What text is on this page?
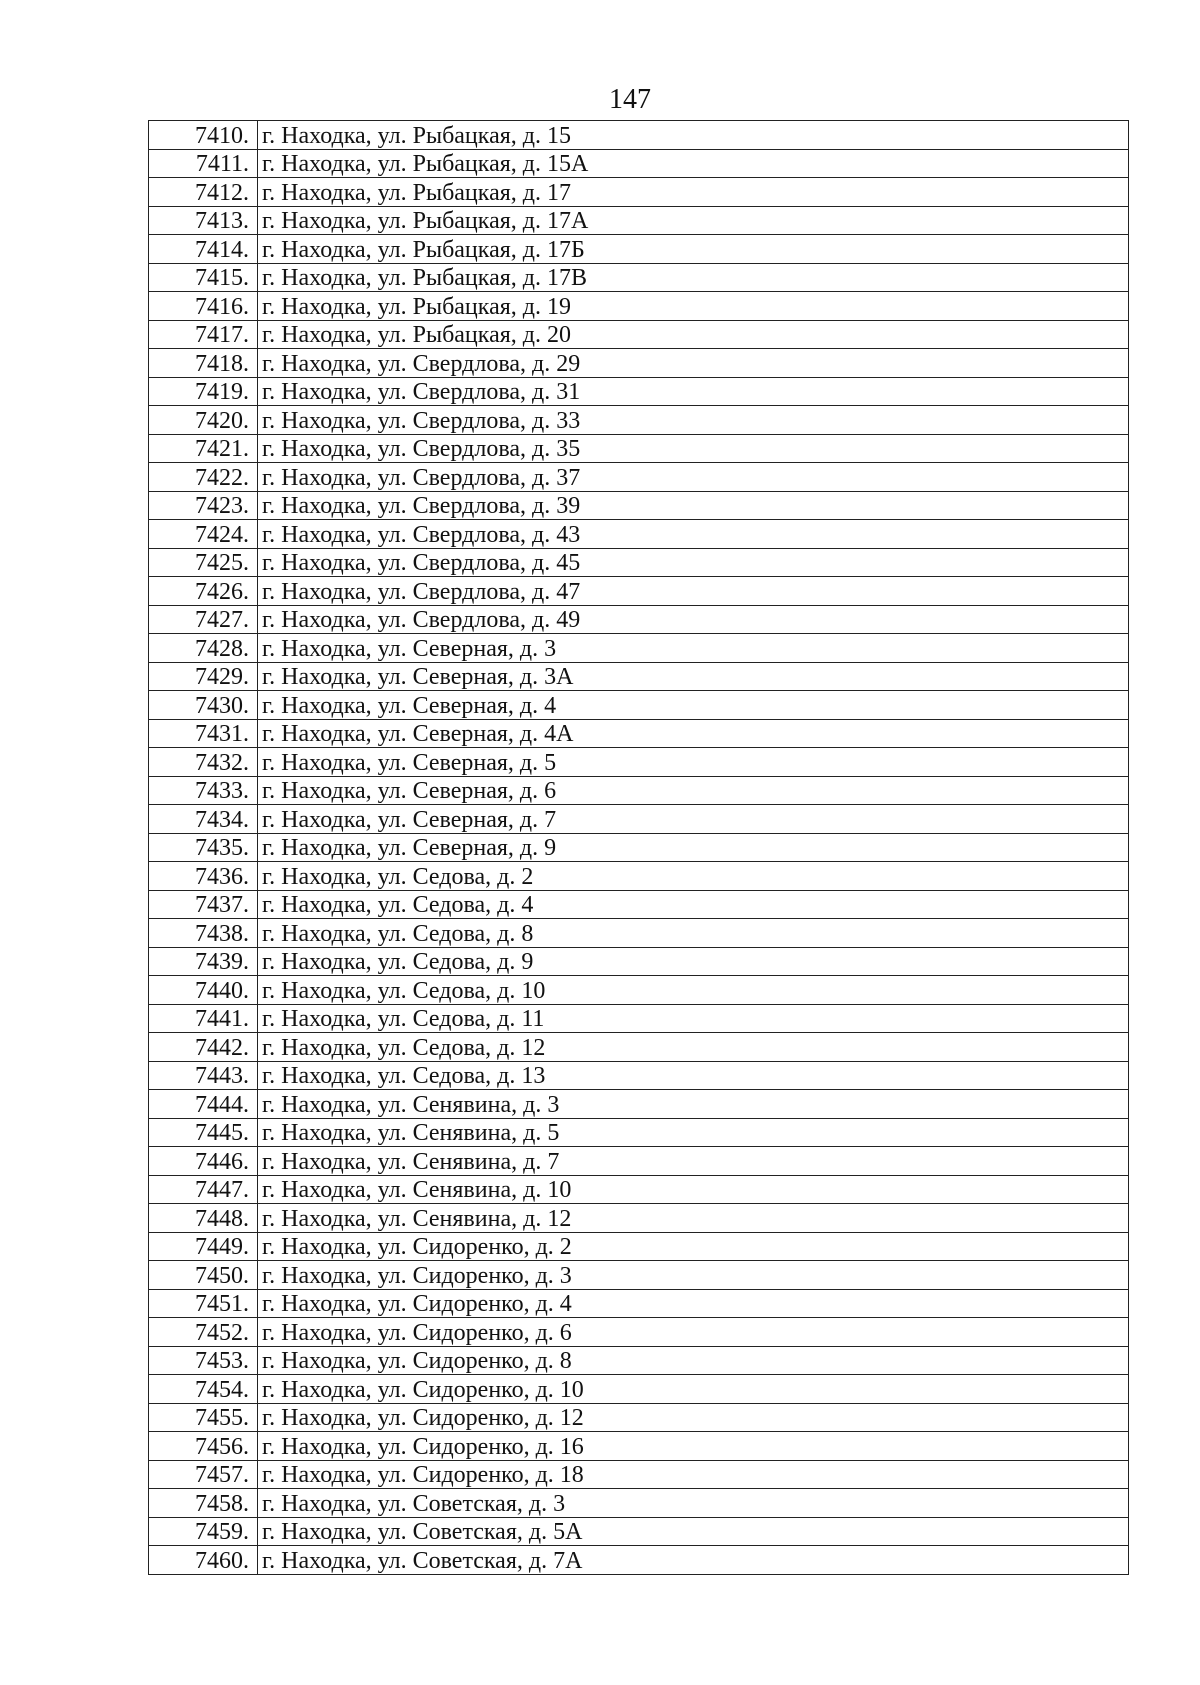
147
7410.	г. Находка, ул. Рыбацкая, д. 15
7411.	г. Находка, ул. Рыбацкая, д. 15А
7412.	г. Находка, ул. Рыбацкая, д. 17
7413.	г. Находка, ул. Рыбацкая, д. 17А
7414.	г. Находка, ул. Рыбацкая, д. 17Б
7415.	г. Находка, ул. Рыбацкая, д. 17В
7416.	г. Находка, ул. Рыбацкая, д. 19
7417.	г. Находка, ул. Рыбацкая, д. 20
7418.	г. Находка, ул. Свердлова, д. 29
7419.	г. Находка, ул. Свердлова, д. 31
7420.	г. Находка, ул. Свердлова, д. 33
7421.	г. Находка, ул. Свердлова, д. 35
7422.	г. Находка, ул. Свердлова, д. 37
7423.	г. Находка, ул. Свердлова, д. 39
7424.	г. Находка, ул. Свердлова, д. 43
7425.	г. Находка, ул. Свердлова, д. 45
7426.	г. Находка, ул. Свердлова, д. 47
7427.	г. Находка, ул. Свердлова, д. 49
7428.	г. Находка, ул. Северная, д. 3
7429.	г. Находка, ул. Северная, д. 3А
7430.	г. Находка, ул. Северная, д. 4
7431.	г. Находка, ул. Северная, д. 4А
7432.	г. Находка, ул. Северная, д. 5
7433.	г. Находка, ул. Северная, д. 6
7434.	г. Находка, ул. Северная, д. 7
7435.	г. Находка, ул. Северная, д. 9
7436.	г. Находка, ул. Седова, д. 2
7437.	г. Находка, ул. Седова, д. 4
7438.	г. Находка, ул. Седова, д. 8
7439.	г. Находка, ул. Седова, д. 9
7440.	г. Находка, ул. Седова, д. 10
7441.	г. Находка, ул. Седова, д. 11
7442.	г. Находка, ул. Седова, д. 12
7443.	г. Находка, ул. Седова, д. 13
7444.	г. Находка, ул. Сенявина, д. 3
7445.	г. Находка, ул. Сенявина, д. 5
7446.	г. Находка, ул. Сенявина, д. 7
7447.	г. Находка, ул. Сенявина, д. 10
7448.	г. Находка, ул. Сенявина, д. 12
7449.	г. Находка, ул. Сидоренко, д. 2
7450.	г. Находка, ул. Сидоренко, д. 3
7451.	г. Находка, ул. Сидоренко, д. 4
7452.	г. Находка, ул. Сидоренко, д. 6
7453.	г. Находка, ул. Сидоренко, д. 8
7454.	г. Находка, ул. Сидоренко, д. 10
7455.	г. Находка, ул. Сидоренко, д. 12
7456.	г. Находка, ул. Сидоренко, д. 16
7457.	г. Находка, ул. Сидоренко, д. 18
7458.	г. Находка, ул. Советская, д. 3
7459.	г. Находка, ул. Советская, д. 5А
7460.	г. Находка, ул. Советская, д. 7А
